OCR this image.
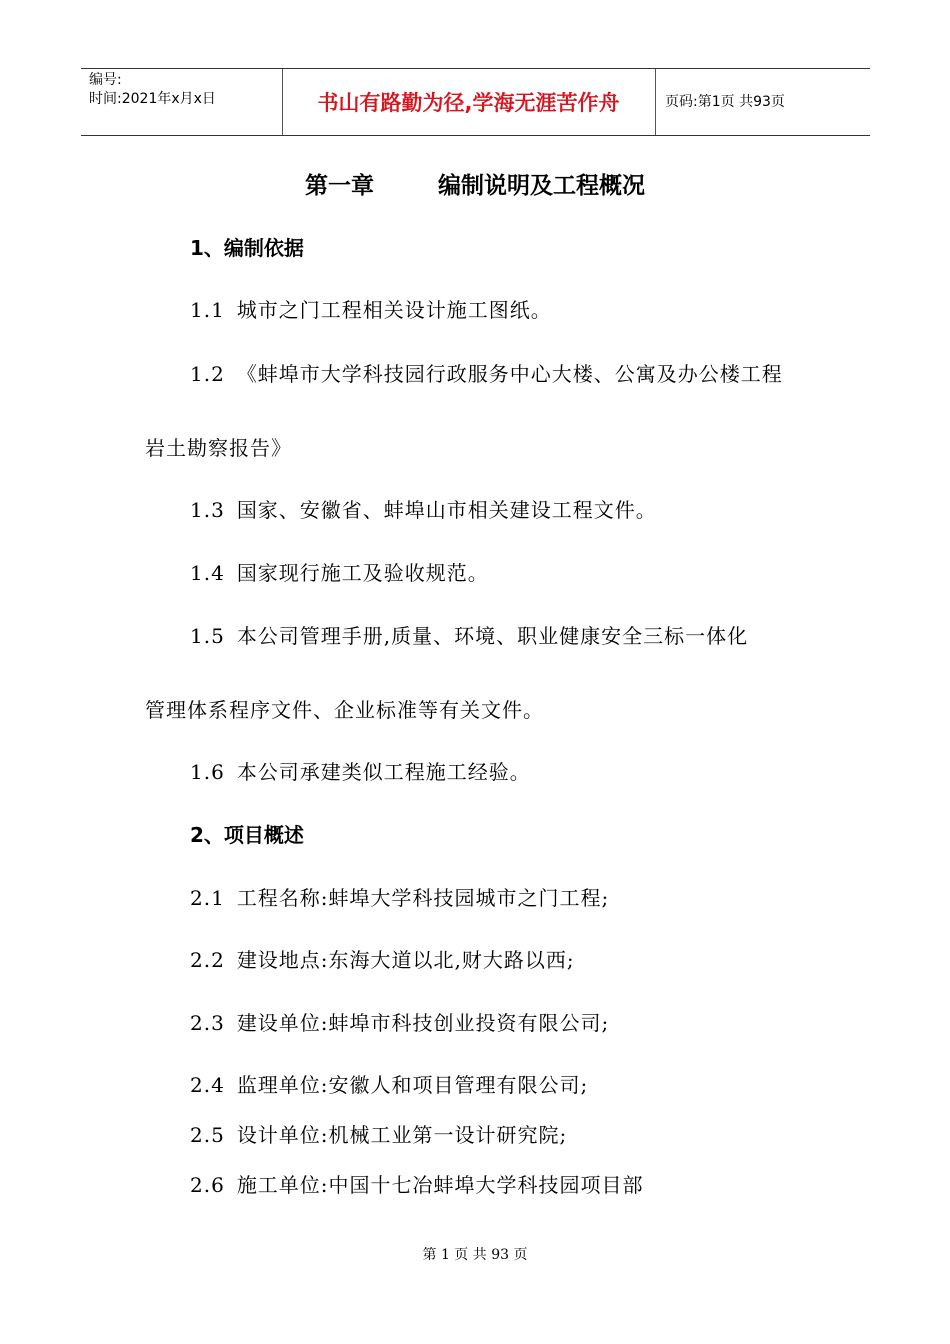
编号:
时间:2021年x月x日	书山有路勤为径,学海无涯苦作舟	页码:第1页 共93页
第一章        编制说明及工程概况
1、编制依据
1.1 城市之门工程相关设计施工图纸。
1.2 《蚌埠市大学科技园行政服务中心大楼、公寓及办公楼工程
岩土勘察报告》
1.3 国家、安徽省、蚌埠山市相关建设工程文件。
1.4 国家现行施工及验收规范。
1.5 本公司管理手册,质量、环境、职业健康安全三标一体化
管理体系程序文件、企业标准等有关文件。
1.6 本公司承建类似工程施工经验。
2、项目概述
2.1 工程名称:蚌埠大学科技园城市之门工程;
2.2 建设地点:东海大道以北,财大路以西;
2.3 建设单位:蚌埠市科技创业投资有限公司;
2.4 监理单位:安徽人和项目管理有限公司;
2.5 设计单位:机械工业第一设计研究院;
2.6 施工单位:中国十七冶蚌埠大学科技园项目部
第 1 页 共 93 页
